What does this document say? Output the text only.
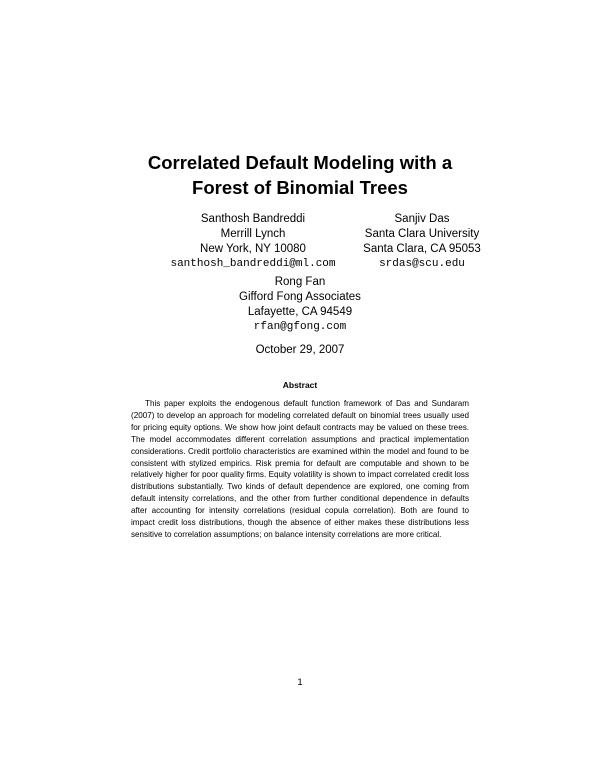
Correlated Default Modeling with a
Forest of Binomial Trees
Santhosh Bandreddi
Merrill Lynch
New York, NY 10080
santhosh_bandreddi@ml.com
Sanjiv Das
Santa Clara University
Santa Clara, CA 95053
srdas@scu.edu
Rong Fan
Gifford Fong Associates
Lafayette, CA 94549
rfan@gfong.com
October 29, 2007
Abstract
This paper exploits the endogenous default function framework of Das and Sundaram (2007) to develop an approach for modeling correlated default on binomial trees usually used for pricing equity options. We show how joint default contracts may be valued on these trees. The model accommodates different correlation assumptions and practical implementation considerations. Credit portfolio characteristics are examined within the model and found to be consistent with stylized empirics. Risk premia for default are computable and shown to be relatively higher for poor quality firms. Equity volatility is shown to impact correlated credit loss distributions substantially. Two kinds of default dependence are explored, one coming from default intensity correlations, and the other from further conditional dependence in defaults after accounting for intensity correlations (residual copula correlation). Both are found to impact credit loss distributions, though the absence of either makes these distributions less sensitive to correlation assumptions; on balance intensity correlations are more critical.
1
